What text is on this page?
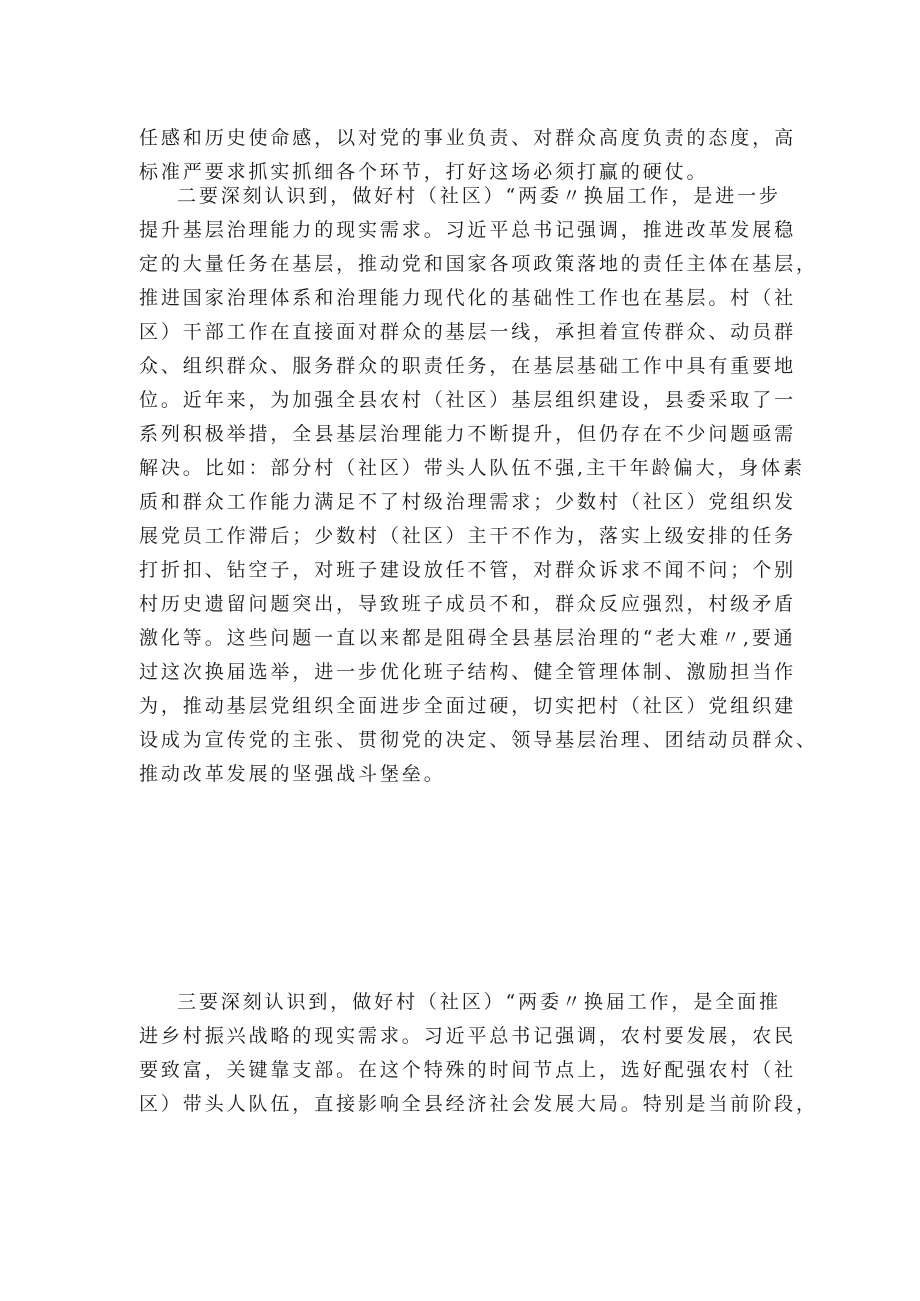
任感和历史使命感，以对党的事业负责、对群众高度负责的态度，高
标准严要求抓实抓细各个环节，打好这场必须打赢的硬仗。
二要深刻认识到，做好村（社区）“两委〃换届工作，是进一步
提升基层治理能力的现实需求。习近平总书记强调，推进改革发展稳
定的大量任务在基层，推动党和国家各项政策落地的责任主体在基层，
推进国家治理体系和治理能力现代化的基础性工作也在基层。村（社
区）干部工作在直接面对群众的基层一线，承担着宣传群众、动员群
众、组织群众、服务群众的职责任务，在基层基础工作中具有重要地
位。近年来，为加强全县农村（社区）基层组织建设，县委采取了一
系列积极举措，全县基层治理能力不断提升，但仍存在不少问题亟需
解决。比如：部分村（社区）带头人队伍不强,主干年龄偏大，身体素
质和群众工作能力满足不了村级治理需求；少数村（社区）党组织发
展党员工作滞后；少数村（社区）主干不作为，落实上级安排的任务
打折扣、钻空子，对班子建设放任不管，对群众诉求不闻不问；个别
村历史遗留问题突出，导致班子成员不和，群众反应强烈，村级矛盾
激化等。这些问题一直以来都是阻碍全县基层治理的“老大难〃,要通
过这次换届选举，进一步优化班子结构、健全管理体制、激励担当作
为，推动基层党组织全面进步全面过硬，切实把村（社区）党组织建
设成为宣传党的主张、贯彻党的决定、领导基层治理、团结动员群众、
推动改革发展的坚强战斗堡垒。
三要深刻认识到，做好村（社区）“两委〃换届工作，是全面推
进乡村振兴战略的现实需求。习近平总书记强调，农村要发展，农民
要致富，关键靠支部。在这个特殊的时间节点上，选好配强农村（社
区）带头人队伍，直接影响全县经济社会发展大局。特别是当前阶段，
